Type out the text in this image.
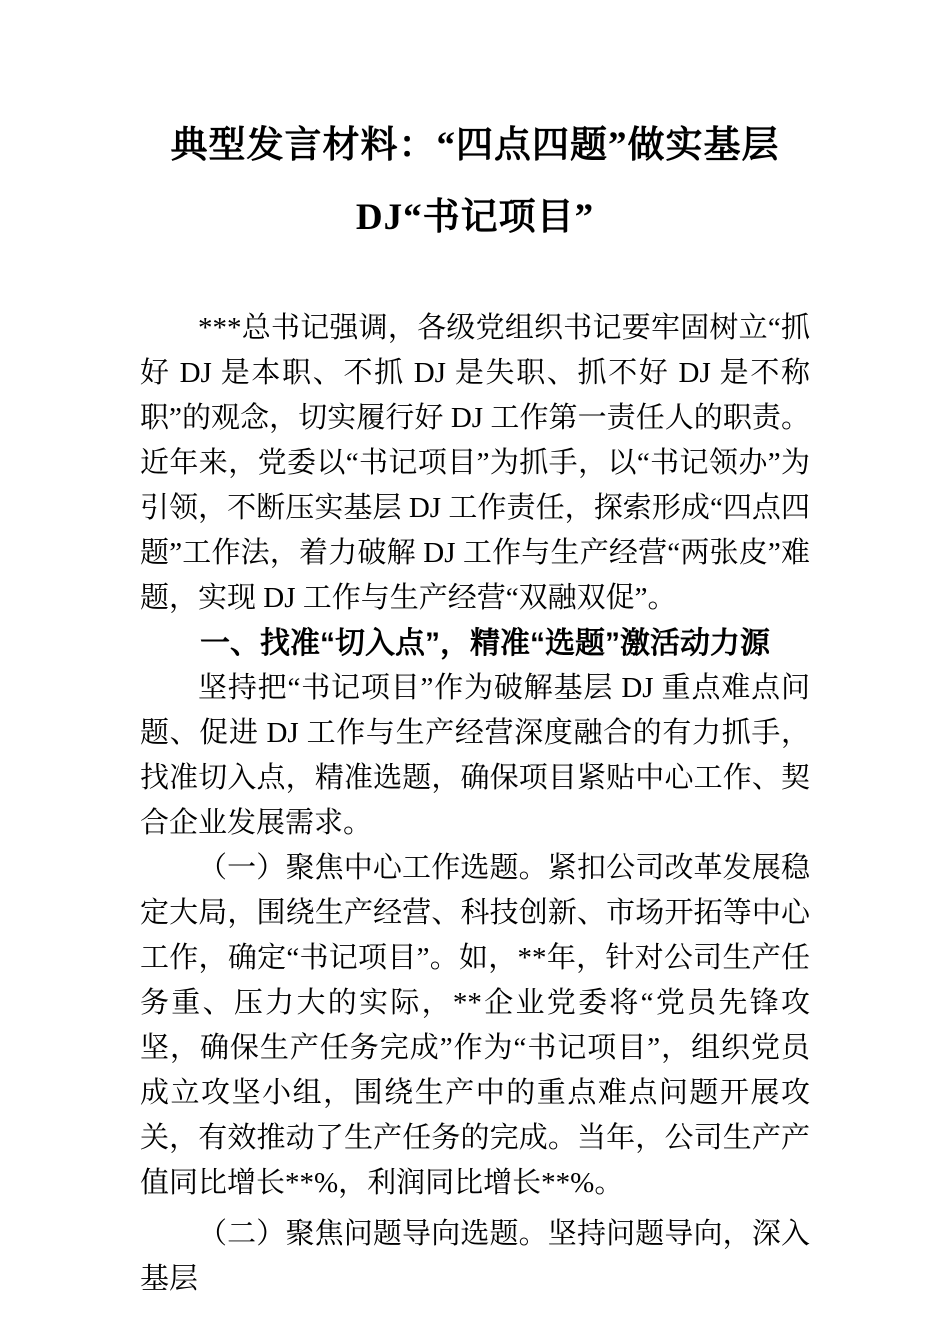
典型发言材料：“四点四题”做实基层
DJ“书记项目”

***总书记强调，各级党组织书记要牢固树立“抓好 DJ 是本职、不抓 DJ 是失职、抓不好 DJ 是不称职”的观念，切实履行好 DJ 工作第一责任人的职责。近年来，党委以“书记项目”为抓手，以“书记领办”为引领，不断压实基层 DJ 工作责任，探索形成“四点四题”工作法，着力破解 DJ 工作与生产经营“两张皮”难题，实现 DJ 工作与生产经营“双融双促”。

一、找准“切入点”，精准“选题”激活动力源

坚持把“书记项目”作为破解基层 DJ 重点难点问题、促进 DJ 工作与生产经营深度融合的有力抓手，找准切入点，精准选题，确保项目紧贴中心工作、契合企业发展需求。

（一）聚焦中心工作选题。紧扣公司改革发展稳定大局，围绕生产经营、科技创新、市场开拓等中心工作，确定“书记项目”。如，**年，针对公司生产任务重、压力大的实际，**企业党委将“党员先锋攻坚，确保生产任务完成”作为“书记项目”，组织党员成立攻坚小组，围绕生产中的重点难点问题开展攻关，有效推动了生产任务的完成。当年，公司生产产值同比增长**%，利润同比增长**%。

（二）聚焦问题导向选题。坚持问题导向，深入基层
